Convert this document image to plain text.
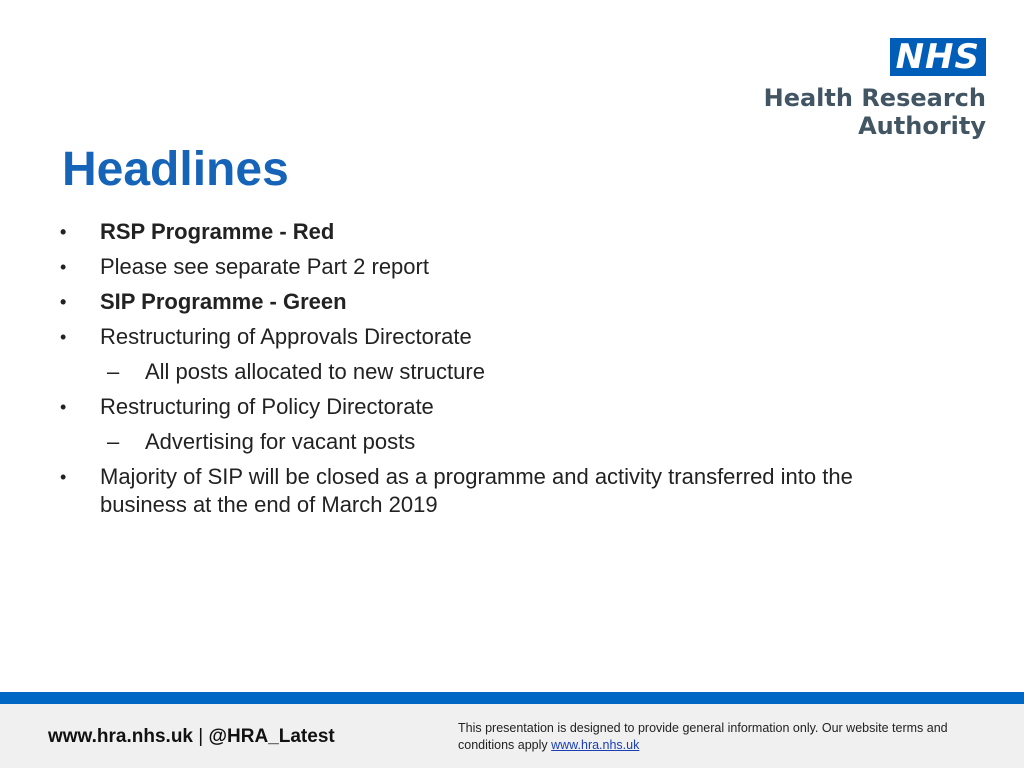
NHS
Health Research
Authority
Headlines
• RSP Programme - Red
• Please see separate Part 2 report
• SIP Programme - Green
• Restructuring of Approvals Directorate
– All posts allocated to new structure
• Restructuring of Policy Directorate
– Advertising for vacant posts
• Majority of SIP will be closed as a programme and activity transferred into the business at the end of March 2019
www.hra.nhs.uk | @HRA_Latest	This presentation is designed to provide general information only. Our website terms and conditions apply www.hra.nhs.uk
